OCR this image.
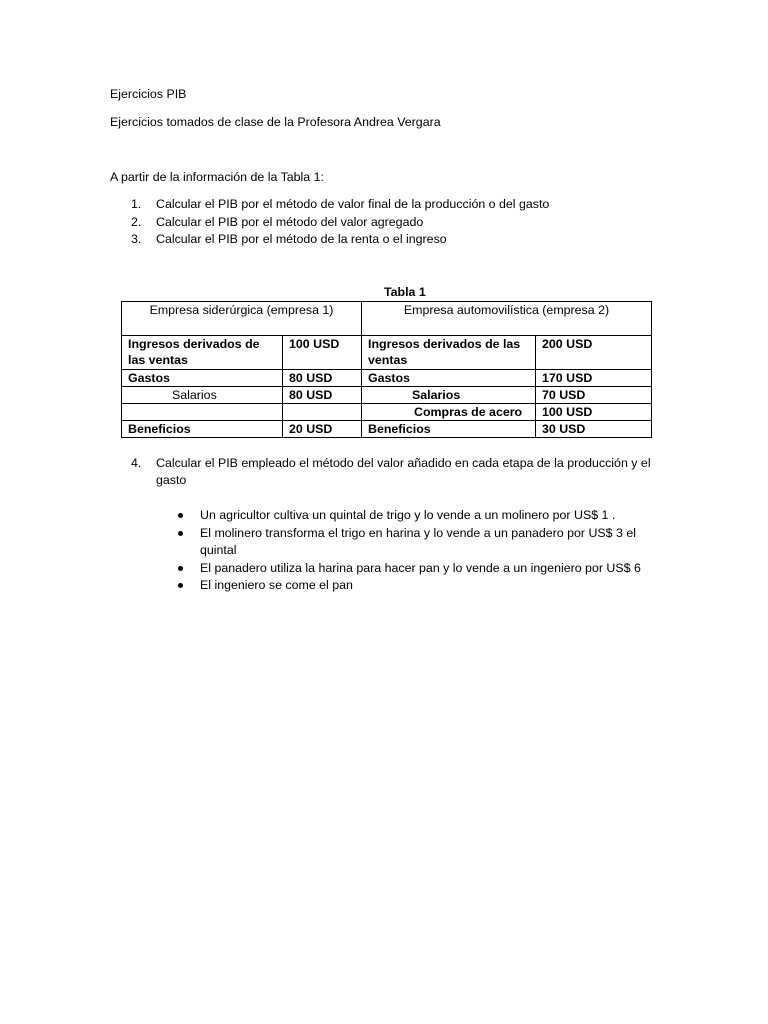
Ejercicios PIB
Ejercicios tomados de clase de la Profesora Andrea Vergara
A partir de la información de la Tabla 1:
1. Calcular el PIB por el método de valor final de la producción o del gasto
2. Calcular el PIB por el método del valor agregado
3. Calcular el PIB por el método de la renta o el ingreso
Tabla 1
Empresa siderúrgica (empresa 1)		Empresa automovilística (empresa 2)	
Ingresos derivados de las ventas	100 USD	Ingresos derivados de las ventas	200 USD
Gastos	80 USD	Gastos	170 USD
Salarios	80 USD	Salarios	70 USD
		Compras de acero	100 USD
Beneficios	20 USD	Beneficios	30 USD
4. Calcular el PIB empleado el método del valor añadido en cada etapa de la producción y el gasto
Un agricultor cultiva un quintal de trigo y lo vende a un molinero por US$ 1 .
El molinero transforma el trigo en harina y lo vende a un panadero por US$ 3 el quintal
El panadero utiliza la harina para hacer pan y lo vende a un ingeniero por US$ 6
El ingeniero se come el pan
